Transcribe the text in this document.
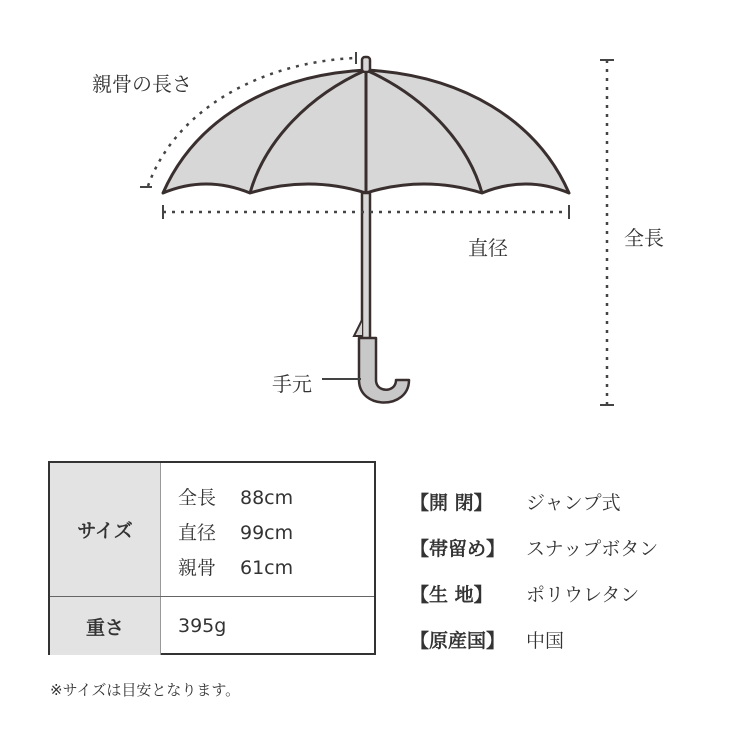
親骨の長さ
直径	全長
手元
サイズ
全長 88cm
直径 99cm
親骨 61cm
重さ	395g
【開 閉】	ジャンプ式
【帯留め】	スナップボタン
【生 地】	ポリウレタン
【原産国】	中国
※サイズは目安となります。
